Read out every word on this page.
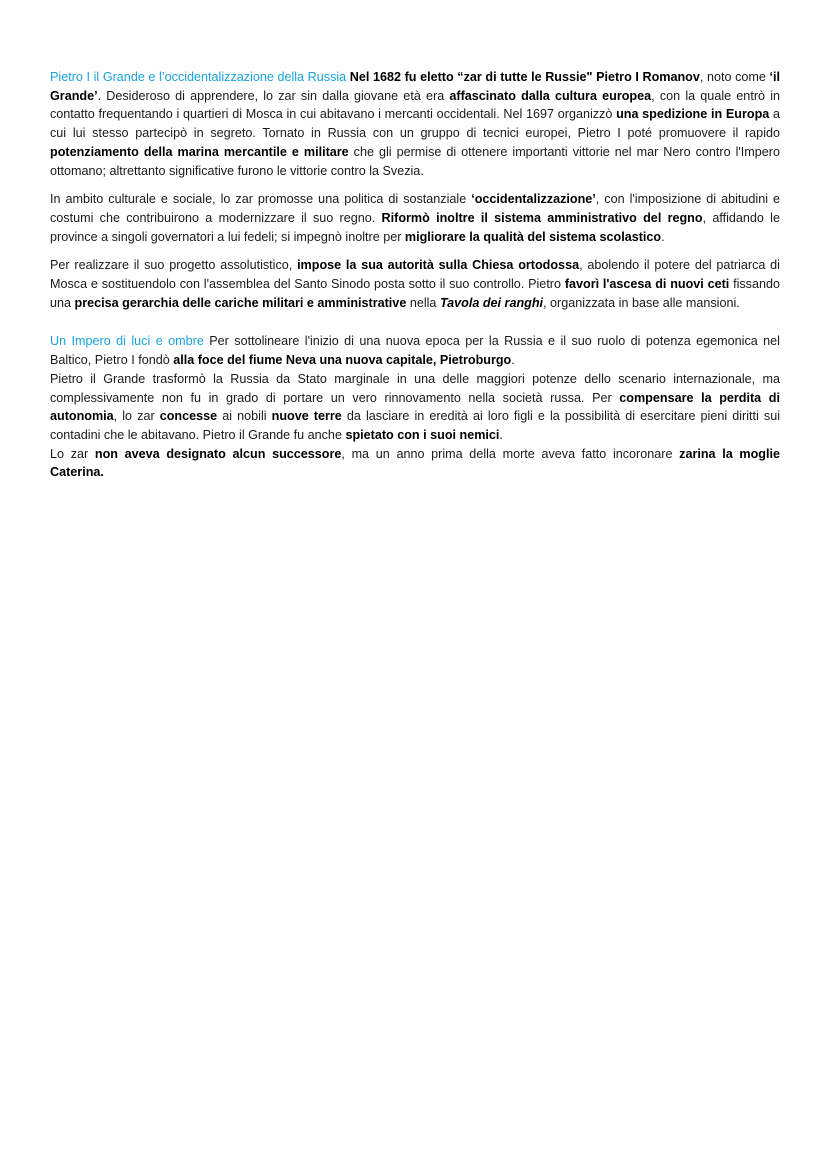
Pietro I il Grande e l’occidentalizzazione della Russia Nel 1682 fu eletto “zar di tutte le Russie" Pietro I Romanov, noto come ‘il Grande’. Desideroso di apprendere, lo zar sin dalla giovane età era affascinato dalla cultura europea, con la quale entrò in contatto frequentando i quartieri di Mosca in cui abitavano i mercanti occidentali. Nel 1697 organizzò una spedizione in Europa a cui lui stesso partecipò in segreto. Tornato in Russia con un gruppo di tecnici europei, Pietro I poté promuovere il rapido potenziamento della marina mercantile e militare che gli permise di ottenere importanti vittorie nel mar Nero contro l'Impero ottomano; altrettanto significative furono le vittorie contro la Svezia.

In ambito culturale e sociale, lo zar promosse una politica di sostanziale ‘occidentalizzazione’, con l'imposizione di abitudini e costumi che contribuirono a modernizzare il suo regno. Riformò inoltre il sistema amministrativo del regno, affidando le province a singoli governatori a lui fedeli; si impegnò inoltre per migliorare la qualità del sistema scolastico.

Per realizzare il suo progetto assolutistico, impose la sua autorità sulla Chiesa ortodossa, abolendo il potere del patriarca di Mosca e sostituendolo con l'assemblea del Santo Sinodo posta sotto il suo controllo. Pietro favorì l'ascesa di nuovi ceti fissando una precisa gerarchia delle cariche militari e amministrative nella Tavola dei ranghi, organizzata in base alle mansioni.

Un Impero di luci e ombre Per sottolineare l'inizio di una nuova epoca per la Russia e il suo ruolo di potenza egemonica nel Baltico, Pietro I fondò alla foce del fiume Neva una nuova capitale, Pietroburgo.

Pietro il Grande trasformò la Russia da Stato marginale in una delle maggiori potenze dello scenario internazionale, ma complessivamente non fu in grado di portare un vero rinnovamento nella società russa. Per compensare la perdita di autonomia, lo zar concesse ai nobili nuove terre da lasciare in eredità ai loro figli e la possibilità di esercitare pieni diritti sui contadini che le abitavano. Pietro il Grande fu anche spietato con i suoi nemici.

Lo zar non aveva designato alcun successore, ma un anno prima della morte aveva fatto incoronare zarina la moglie Caterina.
